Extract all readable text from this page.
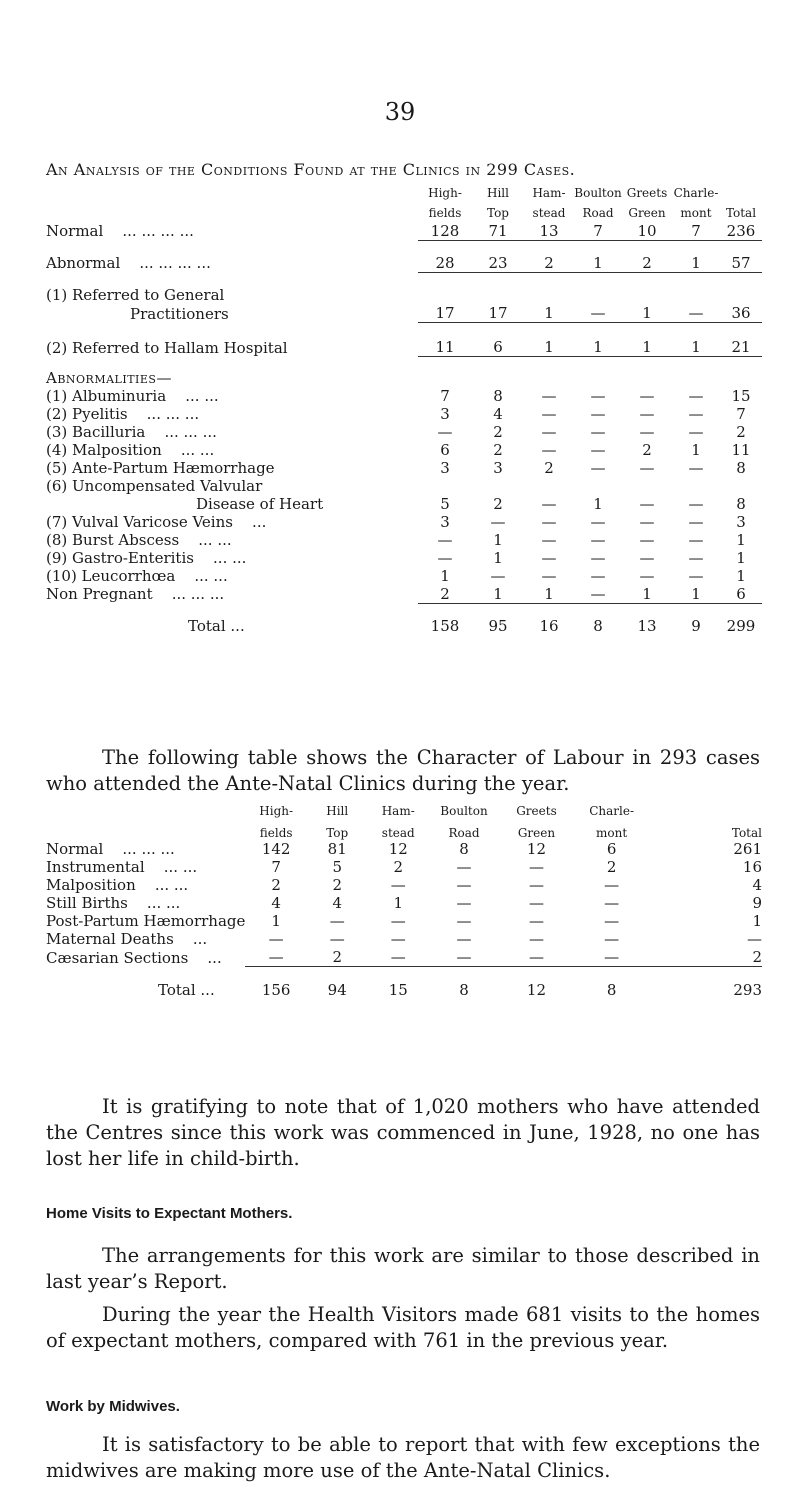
39
An Analysis of the Conditions Found at the Clinics in 299 Cases.
	High-	Hill	Ham-	Boulton	Greets	Charle-	
	fields	Top	stead	Road	Green	mont	Total
Normal ... ... ... ...	128	71	13	7	10	7	236

Abnormal ... ... ... ...	28	23	2	1	2	1	57

(1) Referred to General							
Practitioners	17	17	1	—	1	—	36

(2) Referred to Hallam Hospital	11	6	1	1	1	1	21

Abnormalities—							
(1) Albuminuria ... ...	7	8	—	—	—	—	15
(2) Pyelitis ... ... ...	3	4	—	—	—	—	7
(3) Bacilluria ... ... ...	—	2	—	—	—	—	2
(4) Malposition ... ...	6	2	—	—	2	1	11
(5) Ante-Partum Hæmorrhage	3	3	2	—	—	—	8
(6) Uncompensated Valvular							
Disease of Heart	5	2	—	1	—	—	8
(7) Vulval Varicose Veins ...	3	—	—	—	—	—	3
(8) Burst Abscess ... ...	—	1	—	—	—	—	1
(9) Gastro-Enteritis ... ...	—	1	—	—	—	—	1
(10) Leucorrhœa ... ...	1	—	—	—	—	—	1
Non Pregnant ... ... ...	2	1	1	—	1	1	6

Total ...	158	95	16	8	13	9	299
The following table shows the Character of Labour in 293 cases who attended the Ante-Natal Clinics during the year.
	High-	Hill	Ham-	Boulton	Greets	Charle-	
	fields	Top	stead	Road	Green	mont	Total
Normal ... ... ...	142	81	12	8	12	6	261
Instrumental ... ...	7	5	2	—	—	2	16
Malposition ... ...	2	2	—	—	—	—	4
Still Births ... ...	4	4	1	—	—	—	9
Post-Partum Hæmorrhage	1	—	—	—	—	—	1
Maternal Deaths ...	—	—	—	—	—	—	—
Cæsarian Sections ...	—	2	—	—	—	—	2

Total ...	156	94	15	8	12	8	293
It is gratifying to note that of 1,020 mothers who have attended the Centres since this work was commenced in June, 1928, no one has lost her life in child-birth.
Home Visits to Expectant Mothers.
The arrangements for this work are similar to those described in last year’s Report.
During the year the Health Visitors made 681 visits to the homes of expectant mothers, compared with 761 in the previous year.
Work by Midwives.
It is satisfactory to be able to report that with few exceptions the midwives are making more use of the Ante-Natal Clinics.
